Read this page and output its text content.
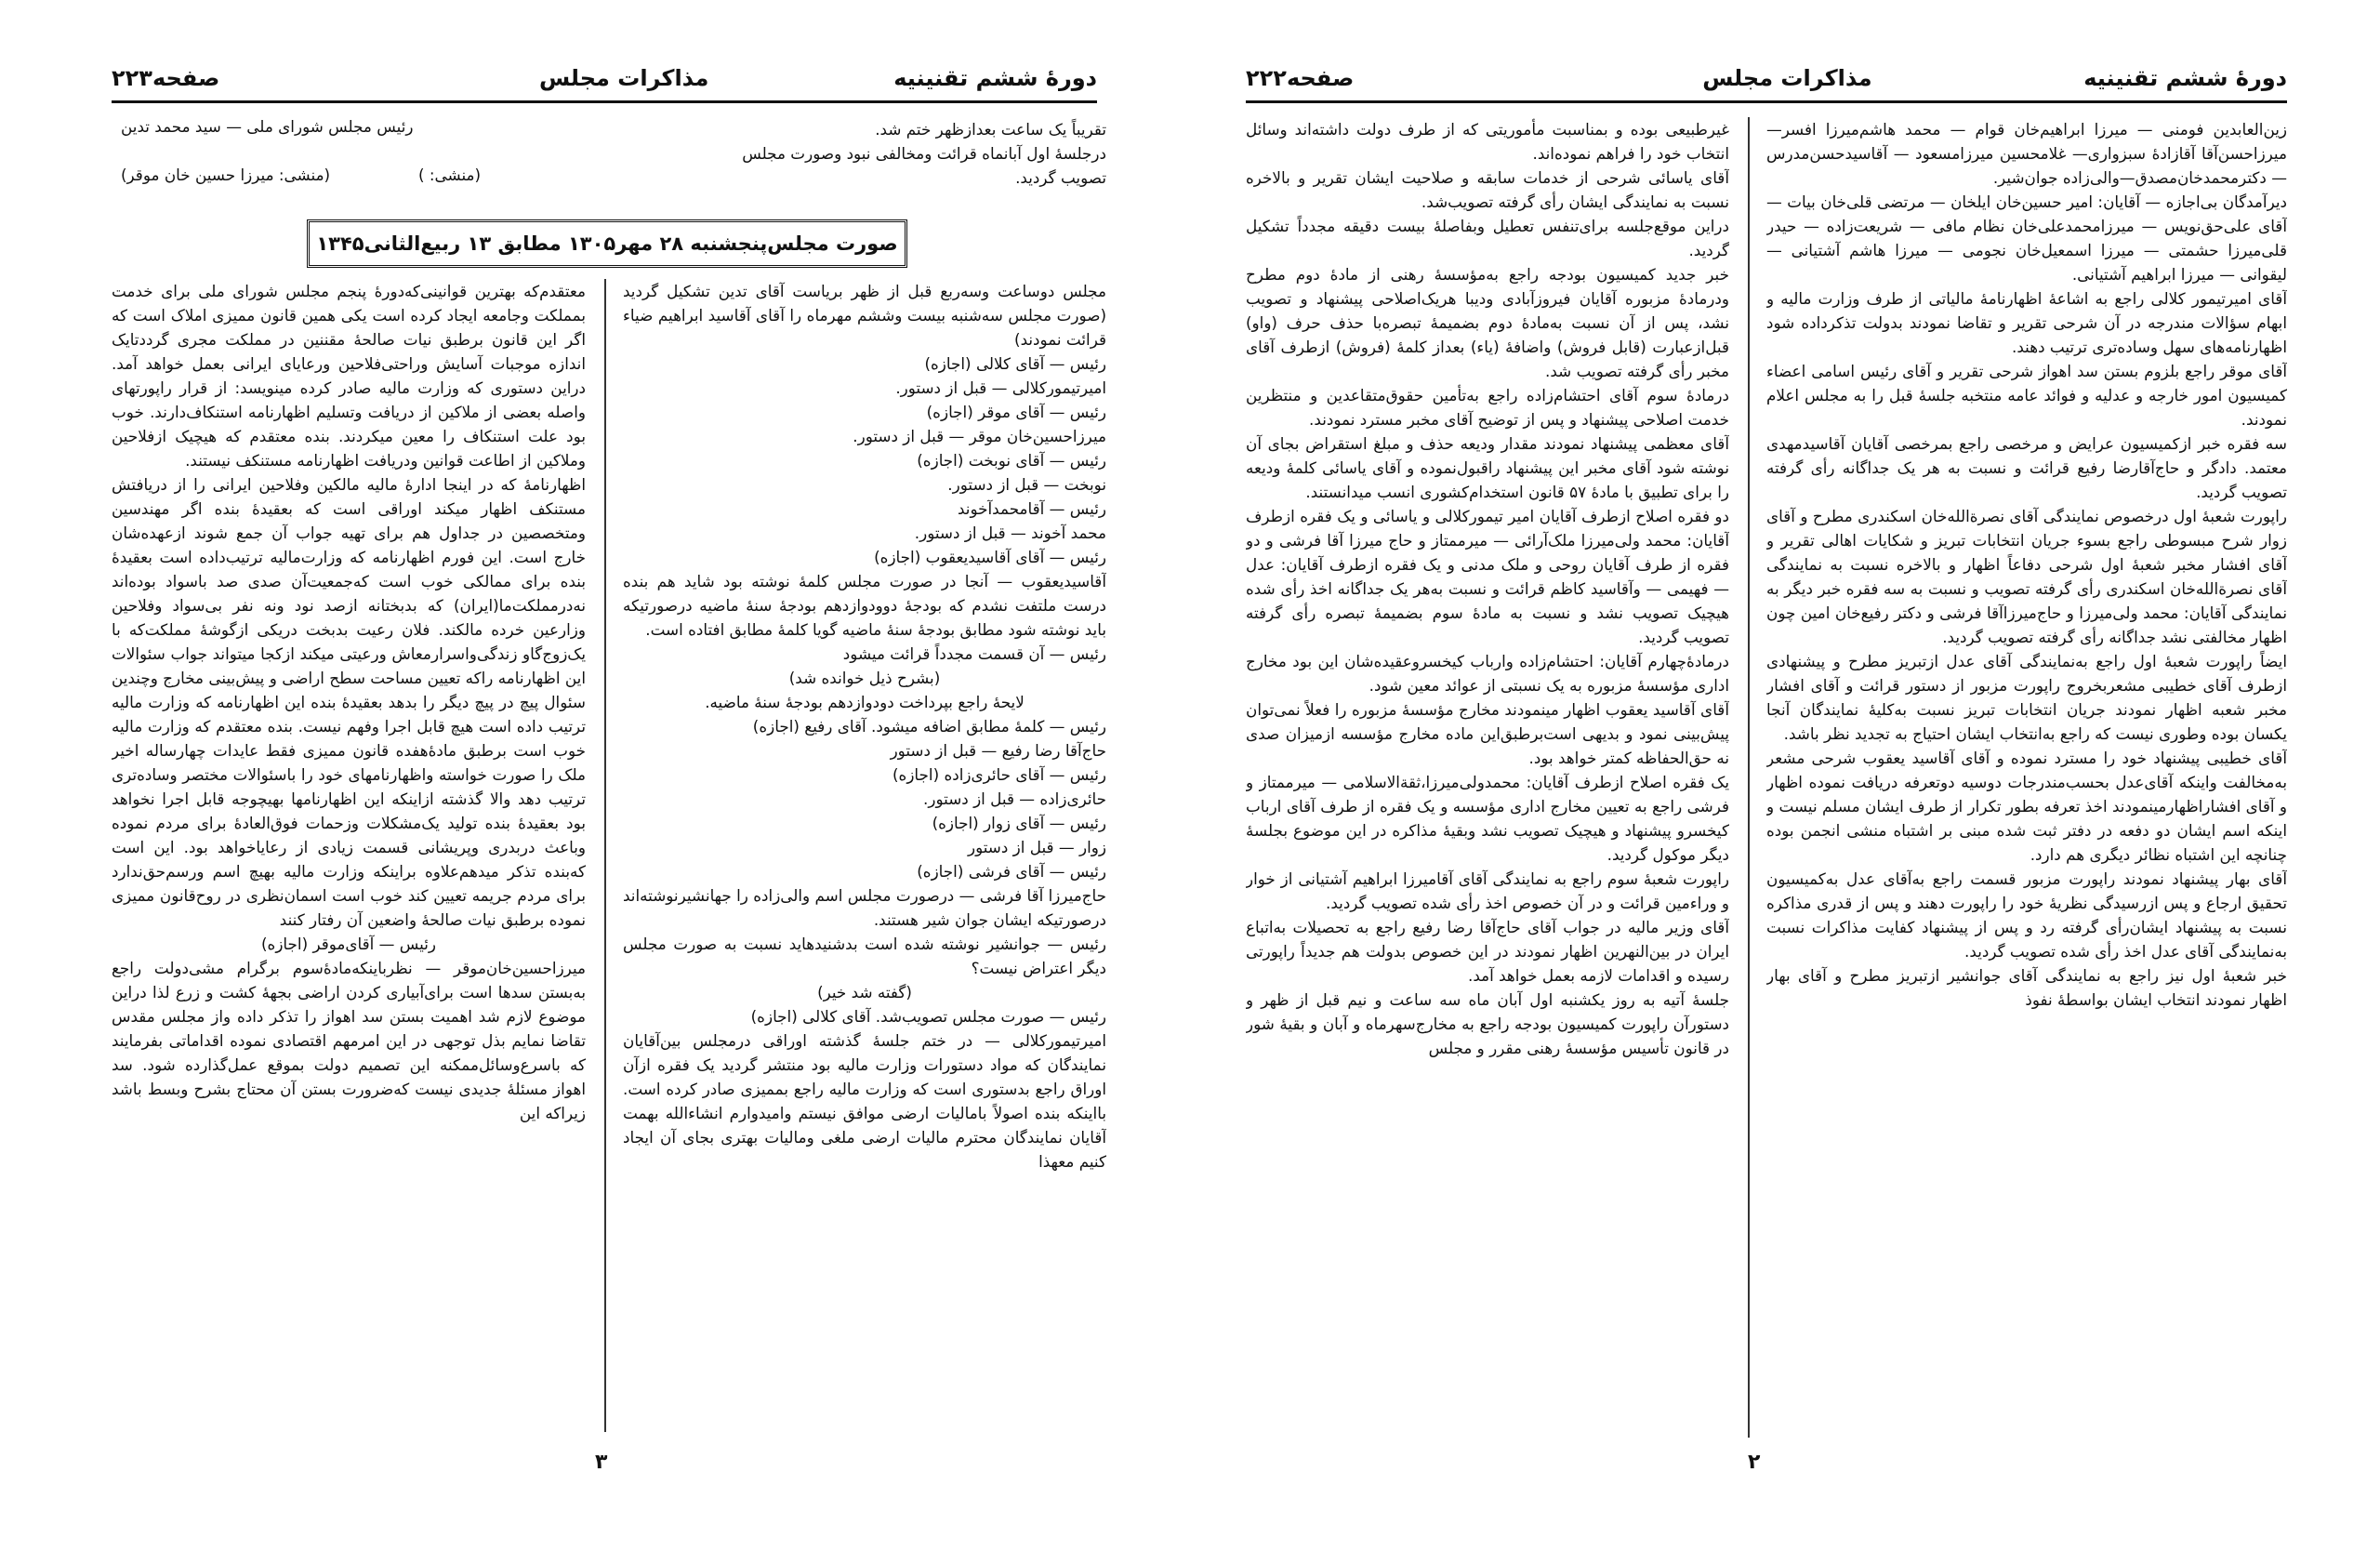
دورهٔ ششم تقنینیه
مذاکرات مجلس
صفحه۲۲۳

تقریباً یک ساعت بعدازظهر ختم شد.

درجلسهٔ اول آبانماه قرائت ومخالفی نبود وصورت مجلس

تصویب گردید.

رئیس مجلس شورای ملی — سید محمد تدین
(منشی: )
(منشی: میرزا حسین خان موقر)
صورت مجلس‌پنجشنبه ۲۸ مهر۱۳۰۵ مطابق ۱۳ ربیع‌الثانی۱۳۴۵

مجلس دوساعت وسه‌ربع قبل از ظهر بریاست آقای تدین تشکیل گردید (صورت مجلس سه‌شنبه بیست وششم مهرماه را آقای آقاسید ابراهیم ضیاء قرائت نمودند)

رئیس — آقای کلالی (اجازه)

امیرتیمورکلالی — قبل از دستور.

رئیس — آقای موقر (اجازه)

میرزاحسین‌خان موقر — قبل از دستور.

رئیس — آقای نوبخت (اجازه)

نوبخت — قبل از دستور.

رئیس — آقامحمدآخوند

محمد آخوند — قبل از دستور.

رئیس — آقای آقاسیدیعقوب (اجازه)

آقاسیدیعقوب — آنجا در صورت مجلس کلمهٔ نوشته بود شاید هم بنده درست ملتفت نشدم که بودجهٔ دوودوازدهم بودجهٔ سنهٔ ماضیه درصورتیکه باید نوشته شود مطابق بودجهٔ سنهٔ ماضیه گویا کلمهٔ مطابق افتاده است.

رئیس — آن قسمت مجدداً قرائت میشود

(بشرح ذیل خوانده شد)

لایحهٔ راجع بپرداخت دودوازدهم بودجهٔ سنهٔ ماضیه.

رئیس — کلمهٔ مطابق اضافه میشود. آقای رفیع (اجازه)

حاج‌آقا رضا رفیع — قبل از دستور

رئیس — آقای حائری‌زاده (اجازه)

حائری‌زاده — قبل از دستور.

رئیس — آقای زوار (اجازه)

زوار — قبل از دستور

رئیس — آقای فرشی (اجازه)

حاج‌میرزا آقا فرشی — درصورت مجلس اسم والی‌زاده را جهانشیرنوشته‌اند درصورتیکه ایشان جوان شیر هستند.

رئیس — جوانشیر نوشته شده است بدشنیدهاید نسبت به صورت مجلس دیگر اعتراض نیست؟

(گفته شد خیر)

رئیس — صورت مجلس تصویب‌شد. آقای کلالی (اجازه)

امیرتیمورکلالی — در ختم جلسهٔ گذشته اوراقی درمجلس بین‌آقایان نمایندگان که مواد دستورات وزارت مالیه بود منتشر گردید یک فقره ازآن اوراق راجع بدستوری است که وزارت مالیه راجع بممیزی صادر کرده است. بااینکه بنده اصولاً بامالیات ارضی موافق نیستم وامیدوارم انشاءالله بهمت آقایان نمایندگان محترم مالیات ارضی ملغی ومالیات بهتری بجای آن ایجاد کنیم معهذا

معتقدم‌که بهترین قوانینی‌که‌دورهٔ پنجم مجلس شورای ملی برای خدمت بمملکت وجامعه ایجاد کرده است یکی همین قانون ممیزی املاک است که اگر این قانون برطبق نیات صالحهٔ مقننین در مملکت مجری گرددتایک اندازه موجبات آسایش وراحتی‌فلاحین ورعایای ایرانی بعمل خواهد آمد. دراین دستوری که وزارت مالیه صادر کرده مینویسد: از قرار راپورتهای واصله بعضی از ملاکین از دریافت وتسلیم اظهارنامه استنکاف‌دارند. خوب بود علت استنکاف را معین میکردند. بنده معتقدم که هیچیک ازفلاحین وملاکین از اطاعت قوانین ودریافت اظهارنامه مستنکف نیستند.

اظهارنامهٔ که در اینجا ادارهٔ مالیه مالکین وفلاحین ایرانی را از دریافتش مستنکف اظهار میکند اوراقی است که بعقیدهٔ بنده اگر مهندسین ومتخصصین در جداول هم برای تهیه جواب آن جمع شوند ازعهده‌شان خارج است. این فورم اظهارنامه که وزارت‌مالیه ترتیب‌داده است بعقیدهٔ بنده برای ممالکی خوب است که‌جمعیت‌آن صدی صد باسواد بوده‌اند نه‌درمملکت‌ما(ایران) که بدبختانه ازصد نود ونه نفر بی‌سواد وفلاحین وزارعین خرده مالکند. فلان رعیت بدبخت دریکی ازگوشهٔ مملکت‌که با یک‌زوج‌گاو زندگی‌واسرارمعاش ورعیتی میکند ازکجا میتواند جواب سئوالات این اظهارنامه راکه تعیین مساحت سطح اراضی و پیش‌بینی مخارج وچندین سئوال پیچ در پیچ دیگر را بدهد بعقیدهٔ بنده این اظهارنامه که وزارت مالیه ترتیب داده است هیچ قابل اجرا وفهم نیست. بنده معتقدم که وزارت مالیه خوب است برطبق مادهٔ‌هفده قانون ممیزی فقط عایدات چهارساله اخیر ملک را صورت خواسته واظهارنامهای خود را باسئوالات مختصر وساده‌تری ترتیب دهد والا گذشته ازاینکه این اظهارنامها بهیچوجه قابل اجرا نخواهد بود بعقیدهٔ بنده تولید یک‌مشکلات وزحمات فوق‌العادهٔ برای مردم نموده وباعث دربدری وپریشانی قسمت زیادی از رعایاخواهد بود. این است که‌بنده تذکر میدهم‌علاوه براینکه وزارت مالیه بهیچ اسم ورسم‌حق‌ندارد برای مردم جریمه تعیین کند خوب است اسمان‌نظری در روح‌قانون ممیزی نموده برطبق نیات صالحهٔ واضعین آن رفتار کنند

رئیس — آقای‌موقر (اجازه)

میرزاحسین‌خان‌موقر — نظربا‌ینکه‌مادهٔ‌سوم برگرام مشی‌دولت راجع به‌بستن سدها است برای‌آبیاری کردن اراضی بجههٔ کشت و زرع لذا دراین موضوع لازم شد اهمیت بستن سد اهواز را تذکر داده واز مجلس مقدس تقاضا نمایم بذل توجهی در این امرمهم اقتصادی نموده اقداماتی بفرمایند که باسرع‌وسائل‌ممکنه این تصمیم دولت بموقع عمل‌گذارده شود. سد اهواز مسئلهٔ جدیدی نیست که‌ضرورت بستن آن محتاج بشرح وبسط باشد زیرا‌که این

۳
دورهٔ ششم تقنینیه
مذاکرات مجلس
صفحه۲۲۲

زین‌العابدین فومنی — میرزا ابراهیم‌خان قوام — محمد هاشم‌میرزا افسر— میرزاحسن‌آقا آقازادهٔ سبزواری— غلامحسین میرزامسعود — آقاسیدحسن‌مدرس— دکترمحمدخان‌مصدق—والی‌زاده جوان‌شیر.

دیرآمدگان بی‌اجازه — آقایان: امیر حسین‌خان ایلخان — مرتضی قلی‌خان بیات — آقای علی‌حق‌نویس — میرزامحمدعلی‌خان نظام مافی — شریعت‌زاده — حیدر قلی‌میرزا حشمتی — میرزا اسمعیل‌خان نجومی — میرزا هاشم آشتیانی — لیقوانی — میرزا ابراهیم آشتیانی.

آقای امیرتیمور کلالی راجع به اشاعهٔ اظهارنامهٔ مالیاتی از طرف وزارت مالیه و ابهام سؤالات مندرجه در آن شرحی تقریر و تقاضا نمودند بدولت تذکرداده شود اظهارنامه‌های سهل وساده‌تری ترتیب دهند.

آقای موقر راجع بلزوم بستن سد اهواز شرحی تقریر و آقای رئیس اسامی اعضاء کمیسیون امور خارجه و عدلیه و فوائد عامه منتخبه جلسهٔ قبل را به مجلس اعلام نمودند.

سه فقره خبر ازکمیسیون عرایض و مرخصی راجع بمرخصی آقایان آقاسیدمهدی معتمد. دادگر و حاج‌آقارضا رفیع قرائت و نسبت به هر یک جداگانه رأی گرفته تصویب گردید.

راپورت شعبهٔ اول درخصوص نمایندگی آقای نصرةالله‌خان اسکندری مطرح و آقای زوار شرح مبسوطی راجع بسوء جریان انتخابات تبریز و شکایات اهالی تقریر و آقای افشار مخبر شعبهٔ اول شرحی دفاعاً اظهار و بالاخره نسبت به نمایندگی آقای نصرةالله‌خان اسکندری رأی گرفته تصویب و نسبت به سه فقره خبر دیگر به نمایندگی آقایان: محمد ولی‌میرزا و حاج‌میرزاآقا فرشی و دکتر رفیع‌خان امین چون اظهار مخالفتی نشد جداگانه رأی گرفته تصویب گردید.

ایضاً راپورت شعبهٔ اول راجع به‌نمایندگی آقای عدل ازتبریز مطرح و پیشنهادی ازطرف آقای خطیبی مشعربخروج راپورت مزبور از دستور قرائت و آقای افشار مخبر شعبه اظهار نمودند جریان انتخابات تبریز نسبت به‌کلیهٔ نمایندگان آنجا یکسان بوده وطوری نیست که راجع به‌انتخاب ایشان احتیاج به تجدید نظر باشد.

آقای خطیبی پیشنهاد خود را مسترد نموده و آقای آقاسید یعقوب شرحی مشعر به‌مخالفت واینکه آقای‌عدل بحسب‌مندرجات دوسیه دوتعرفه دریافت نموده اظهار و آقای افشاراظهارمینمودند اخذ تعرفه بطور تکرار از طرف ایشان مسلم نیست و اینکه اسم ایشان دو دفعه در دفتر ثبت شده مبنی بر اشتباه منشی انجمن بوده چنانچه این اشتباه نظائر دیگری هم دارد.

آقای بهار پیشنهاد نمودند راپورت مزبور قسمت راجع به‌آقای عدل به‌کمیسیون تحقیق ارجاع و پس ازرسیدگی نظریهٔ خود را راپورت دهند و پس از قدری مذاکره نسبت به پیشنهاد ایشان‌رأی گرفته رد و پس از پیشنهاد کفایت مذاکرات نسبت به‌نمایندگی آقای عدل اخذ رأی شده تصویب گردید.

خبر شعبهٔ اول نیز راجع به نمایندگی آقای جوانشیر ازتبریز مطرح و آقای بهار اظهار نمودند انتخاب ایشان بواسطهٔ نفوذ

غیرطبیعی بوده و بمناسبت مأموریتی که از طرف دولت داشته‌اند وسائل انتخاب خود را فراهم نموده‌اند.

آقای یاسائی شرحی از خدمات سابقه و صلاحیت ایشان تقریر و بالاخره نسبت به نمایندگی ایشان رأی گرفته تصویب‌شد.

دراین موقع‌جلسه برای‌تنفس تعطیل وبفاصلهٔ بیست دقیقه مجدداً تشکیل گردید.

خبر جدید کمیسیون بودجه راجع به‌مؤسسهٔ رهنی از مادهٔ دوم مطرح ودرمادهٔ مزبوره آقایان فیروزآبادی ودیبا هریک‌اصلاحی پیشنهاد و تصویب نشد، پس از آن نسبت به‌مادهٔ دوم بضمیمهٔ تبصره‌با حذف حرف (واو) قبل‌ازعبارت (قابل فروش) واضافهٔ (یاء) بعداز کلمهٔ (فروش) ازطرف آقای مخبر رأی گرفته تصویب شد.

درمادهٔ سوم آقای احتشام‌زاده راجع به‌تأمین حقوق‌متقاعدین و منتظرین خدمت اصلاحی پیشنهاد و پس از توضیح آقای مخبر مسترد نمودند.

آقای معظمی پیشنهاد نمودند مقدار ودیعه حذف و مبلغ استقراض بجای آن نوشته شود آقای مخبر این پیشنهاد راقبول‌نموده و آقای یاسائی کلمهٔ ودیعه را برای تطبیق با مادهٔ ۵۷ قانون استخدام‌کشوری انسب میدانستند.

دو فقره اصلاح ازطرف آقایان امیر تیمورکلالی و یاسائی و یک فقره ازطرف آقایان: محمد ولی‌میرزا ملک‌آرائی — میرممتاز و حاج میرزا آقا فرشی و دو فقره از طرف آقایان روحی و ملک مدنی و یک فقره ازطرف آقایان: عدل — فهیمی — وآقاسید کاظم قرائت و نسبت به‌هر یک جداگانه اخذ رأی شده هیچیک تصویب نشد و نسبت به مادهٔ سوم بضمیمهٔ تبصره رأی گرفته تصویب گردید.

درمادهٔ‌چهارم آقایان: احتشام‌زاده وارباب کیخسروعقیده‌شان این بود مخارج اداری مؤسسهٔ مزبوره به یک نسبتی از عوائد معین شود.

آقای آقاسید یعقوب اظهار مینمودند مخارج مؤسسهٔ مزبوره را فعلاً نمی‌توان پیش‌بینی نمود و بدیهی است‌برطبق‌این ماده مخارج مؤسسه ازمیزان صدی نه حق‌الحفاظه کمتر خواهد بود.

یک فقره اصلاح ازطرف آقایان: محمدولی‌میرزا،ثقةالاسلامی — میرممتاز و فرشی راجع به تعیین مخارج اداری مؤسسه و یک فقره از طرف آقای ارباب کیخسرو پیشنهاد و هیچیک تصویب نشد وبقیهٔ مذاکره در این موضوع بجلسهٔ دیگر موکول گردید.

راپورت شعبهٔ سوم راجع به نمایندگی آقای آقامیرزا ابراهیم آشتیانی از خوار و وراءمین قرائت و در آن خصوص اخذ رأی شده تصویب گردید.

آقای وزیر مالیه در جواب آقای حاج‌آقا رضا رفیع راجع به تحصیلات به‌اتباع ایران در بین‌النهرین اظهار نمودند در این خصوص بدولت هم جدیداً راپورتی رسیده و اقدامات لازمه بعمل خواهد آمد.

جلسهٔ آتیه به روز یکشنبه اول آبان ماه سه ساعت و نیم قبل از ظهر و دستورآن راپورت کمیسیون بودجه راجع به مخارج‌سهرماه و آبان و بقیهٔ شور در قانون تأسیس مؤسسهٔ رهنی مقرر و مجلس

۲
